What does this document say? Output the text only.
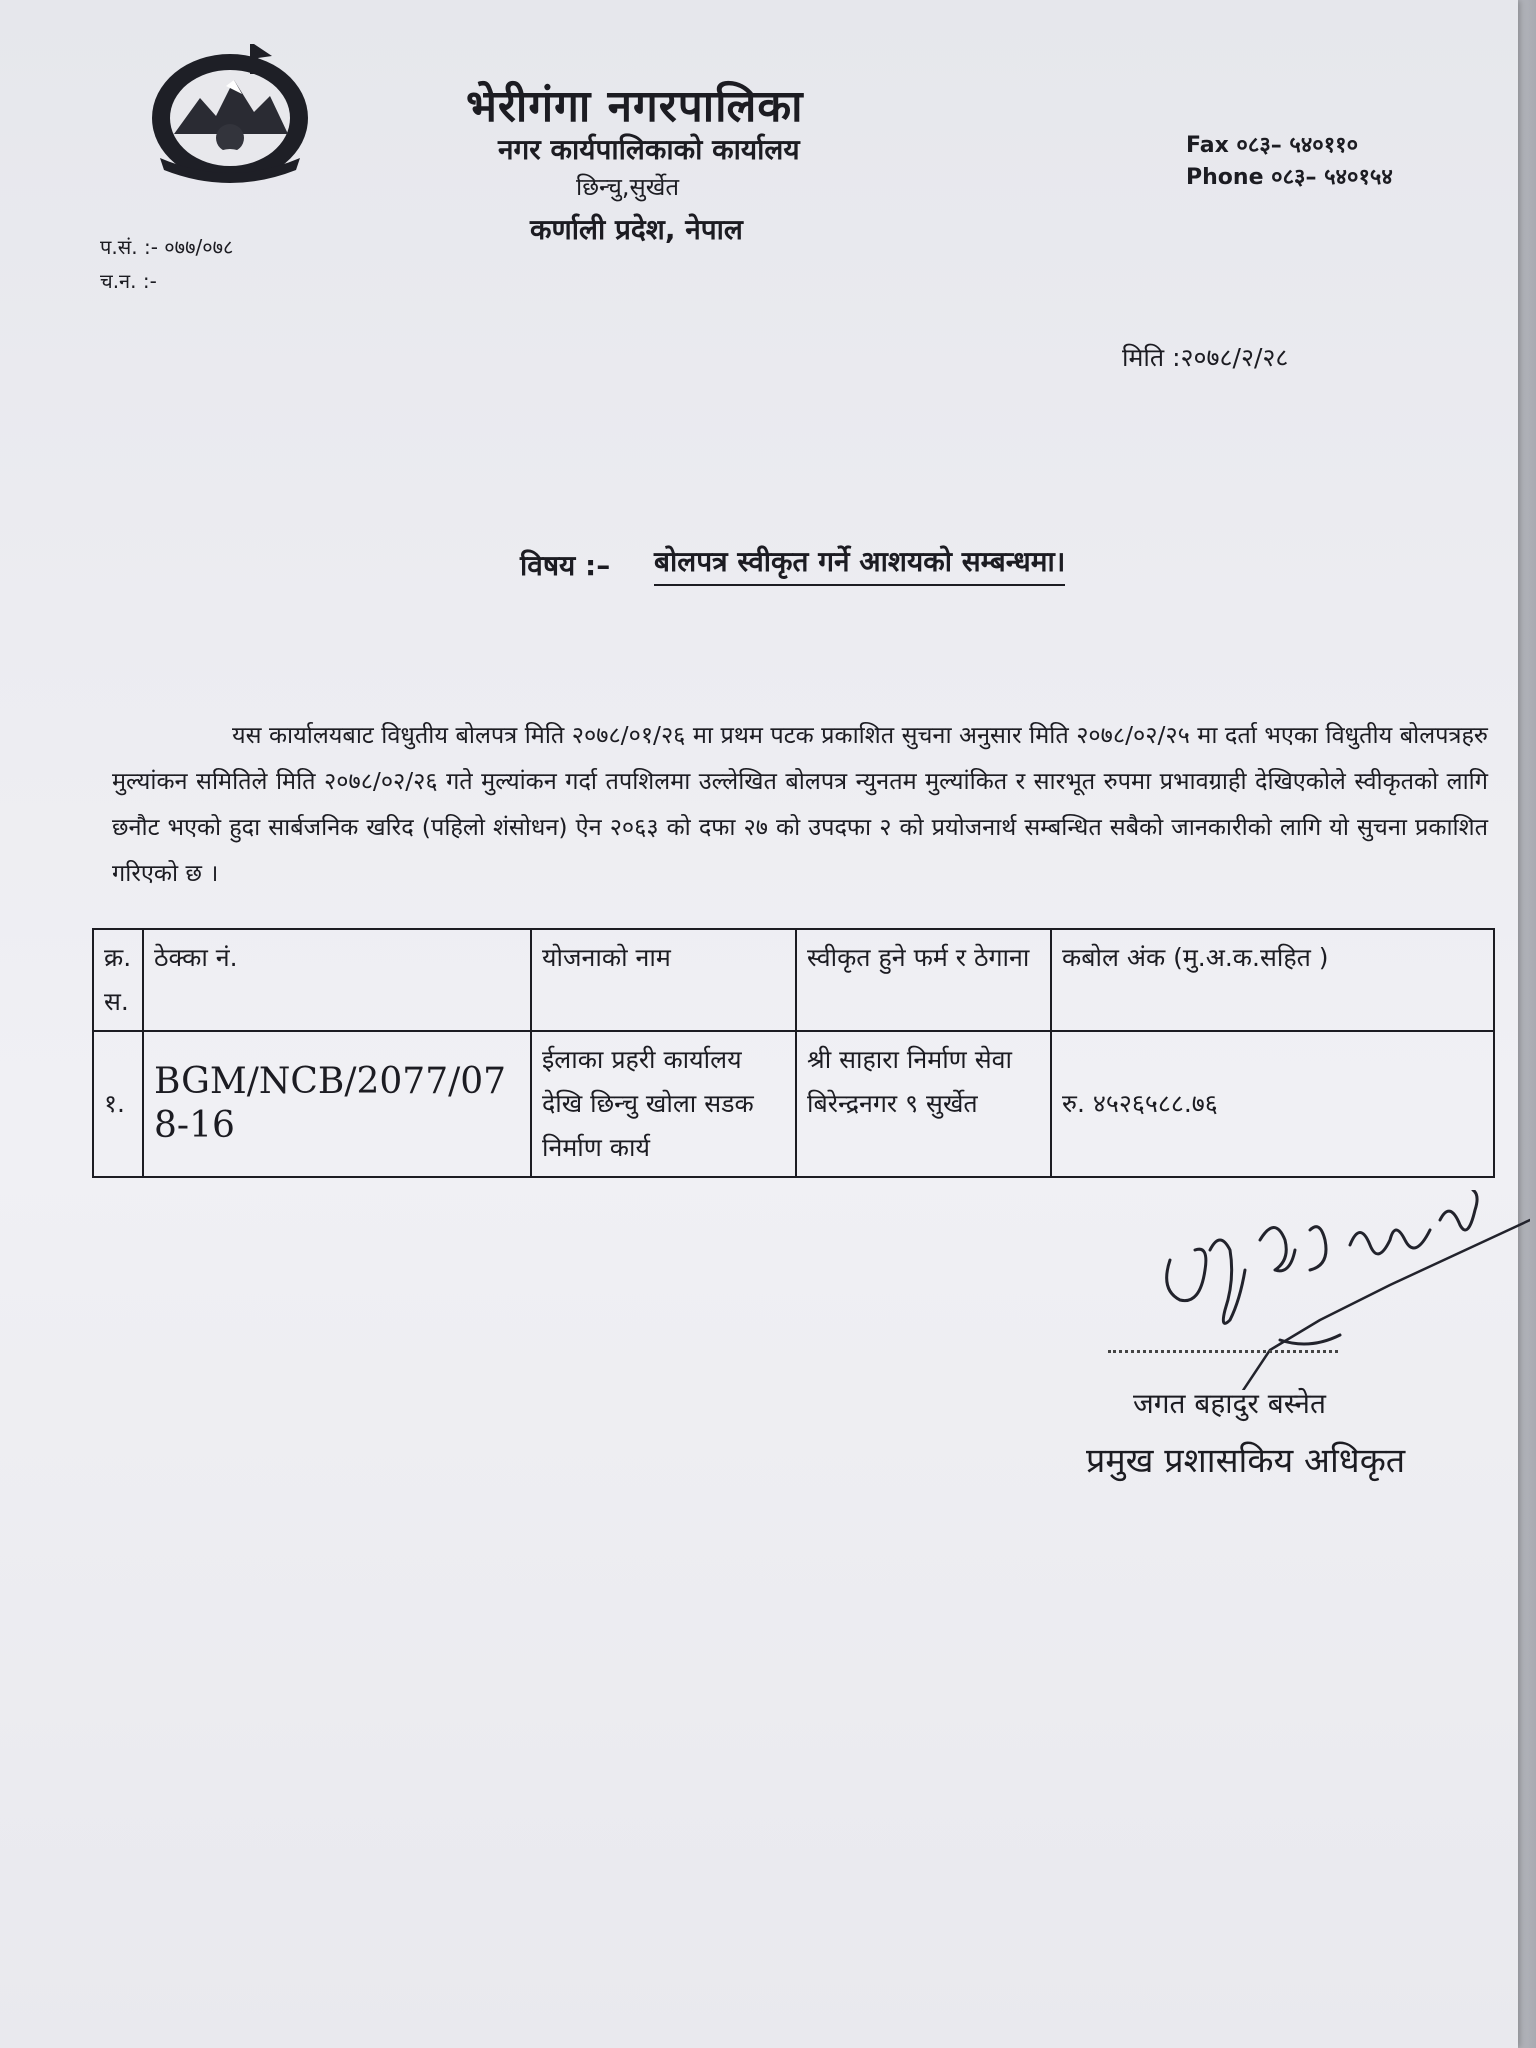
भेरीगंगा नगरपालिका
नगर कार्यपालिकाको कार्यालय
छिन्चु,सुर्खेत
कर्णाली प्रदेश, नेपाल
Fax ०८३– ५४०११०
Phone ०८३– ५४०१५४
प.सं. :- ०७७/०७८
च.न. :-
मिति :२०७८/२/२८
विषय :– बोलपत्र स्वीकृत गर्ने आशयको सम्बन्धमा।
यस कार्यालयबाट विधुतीय बोलपत्र मिति २०७८/०१/२६ मा प्रथम पटक प्रकाशित सुचना अनुसार मिति २०७८/०२/२५ मा दर्ता भएका विधुतीय बोलपत्रहरु मुल्यांकन समितिले मिति २०७८/०२/२६ गते मुल्यांकन गर्दा तपशिलमा उल्लेखित बोलपत्र न्युनतम मुल्यांकित र सारभूत रुपमा प्रभावग्राही देखिएकोले स्वीकृतको लागि छनौट भएको हुदा सार्बजनिक खरिद (पहिलो शंसोधन) ऐन २०६३ को दफा २७ को उपदफा २ को प्रयोजनार्थ सम्बन्धित सबैको जानकारीको लागि यो सुचना प्रकाशित गरिएको छ ।
क्र. स.	ठेक्का नं.	योजनाको नाम	स्वीकृत हुने फर्म र ठेगाना	कबोल अंक (मु.अ.क.सहित )
१.	BGM/NCB/2077/078-16	ईलाका प्रहरी कार्यालय देखि छिन्चु खोला सडक निर्माण कार्य	श्री साहारा निर्माण सेवा बिरेन्द्रनगर ९ सुर्खेत	रु. ४५२६५८८.७६
जगत बहादुर बस्नेत
प्रमुख प्रशासकिय अधिकृत
